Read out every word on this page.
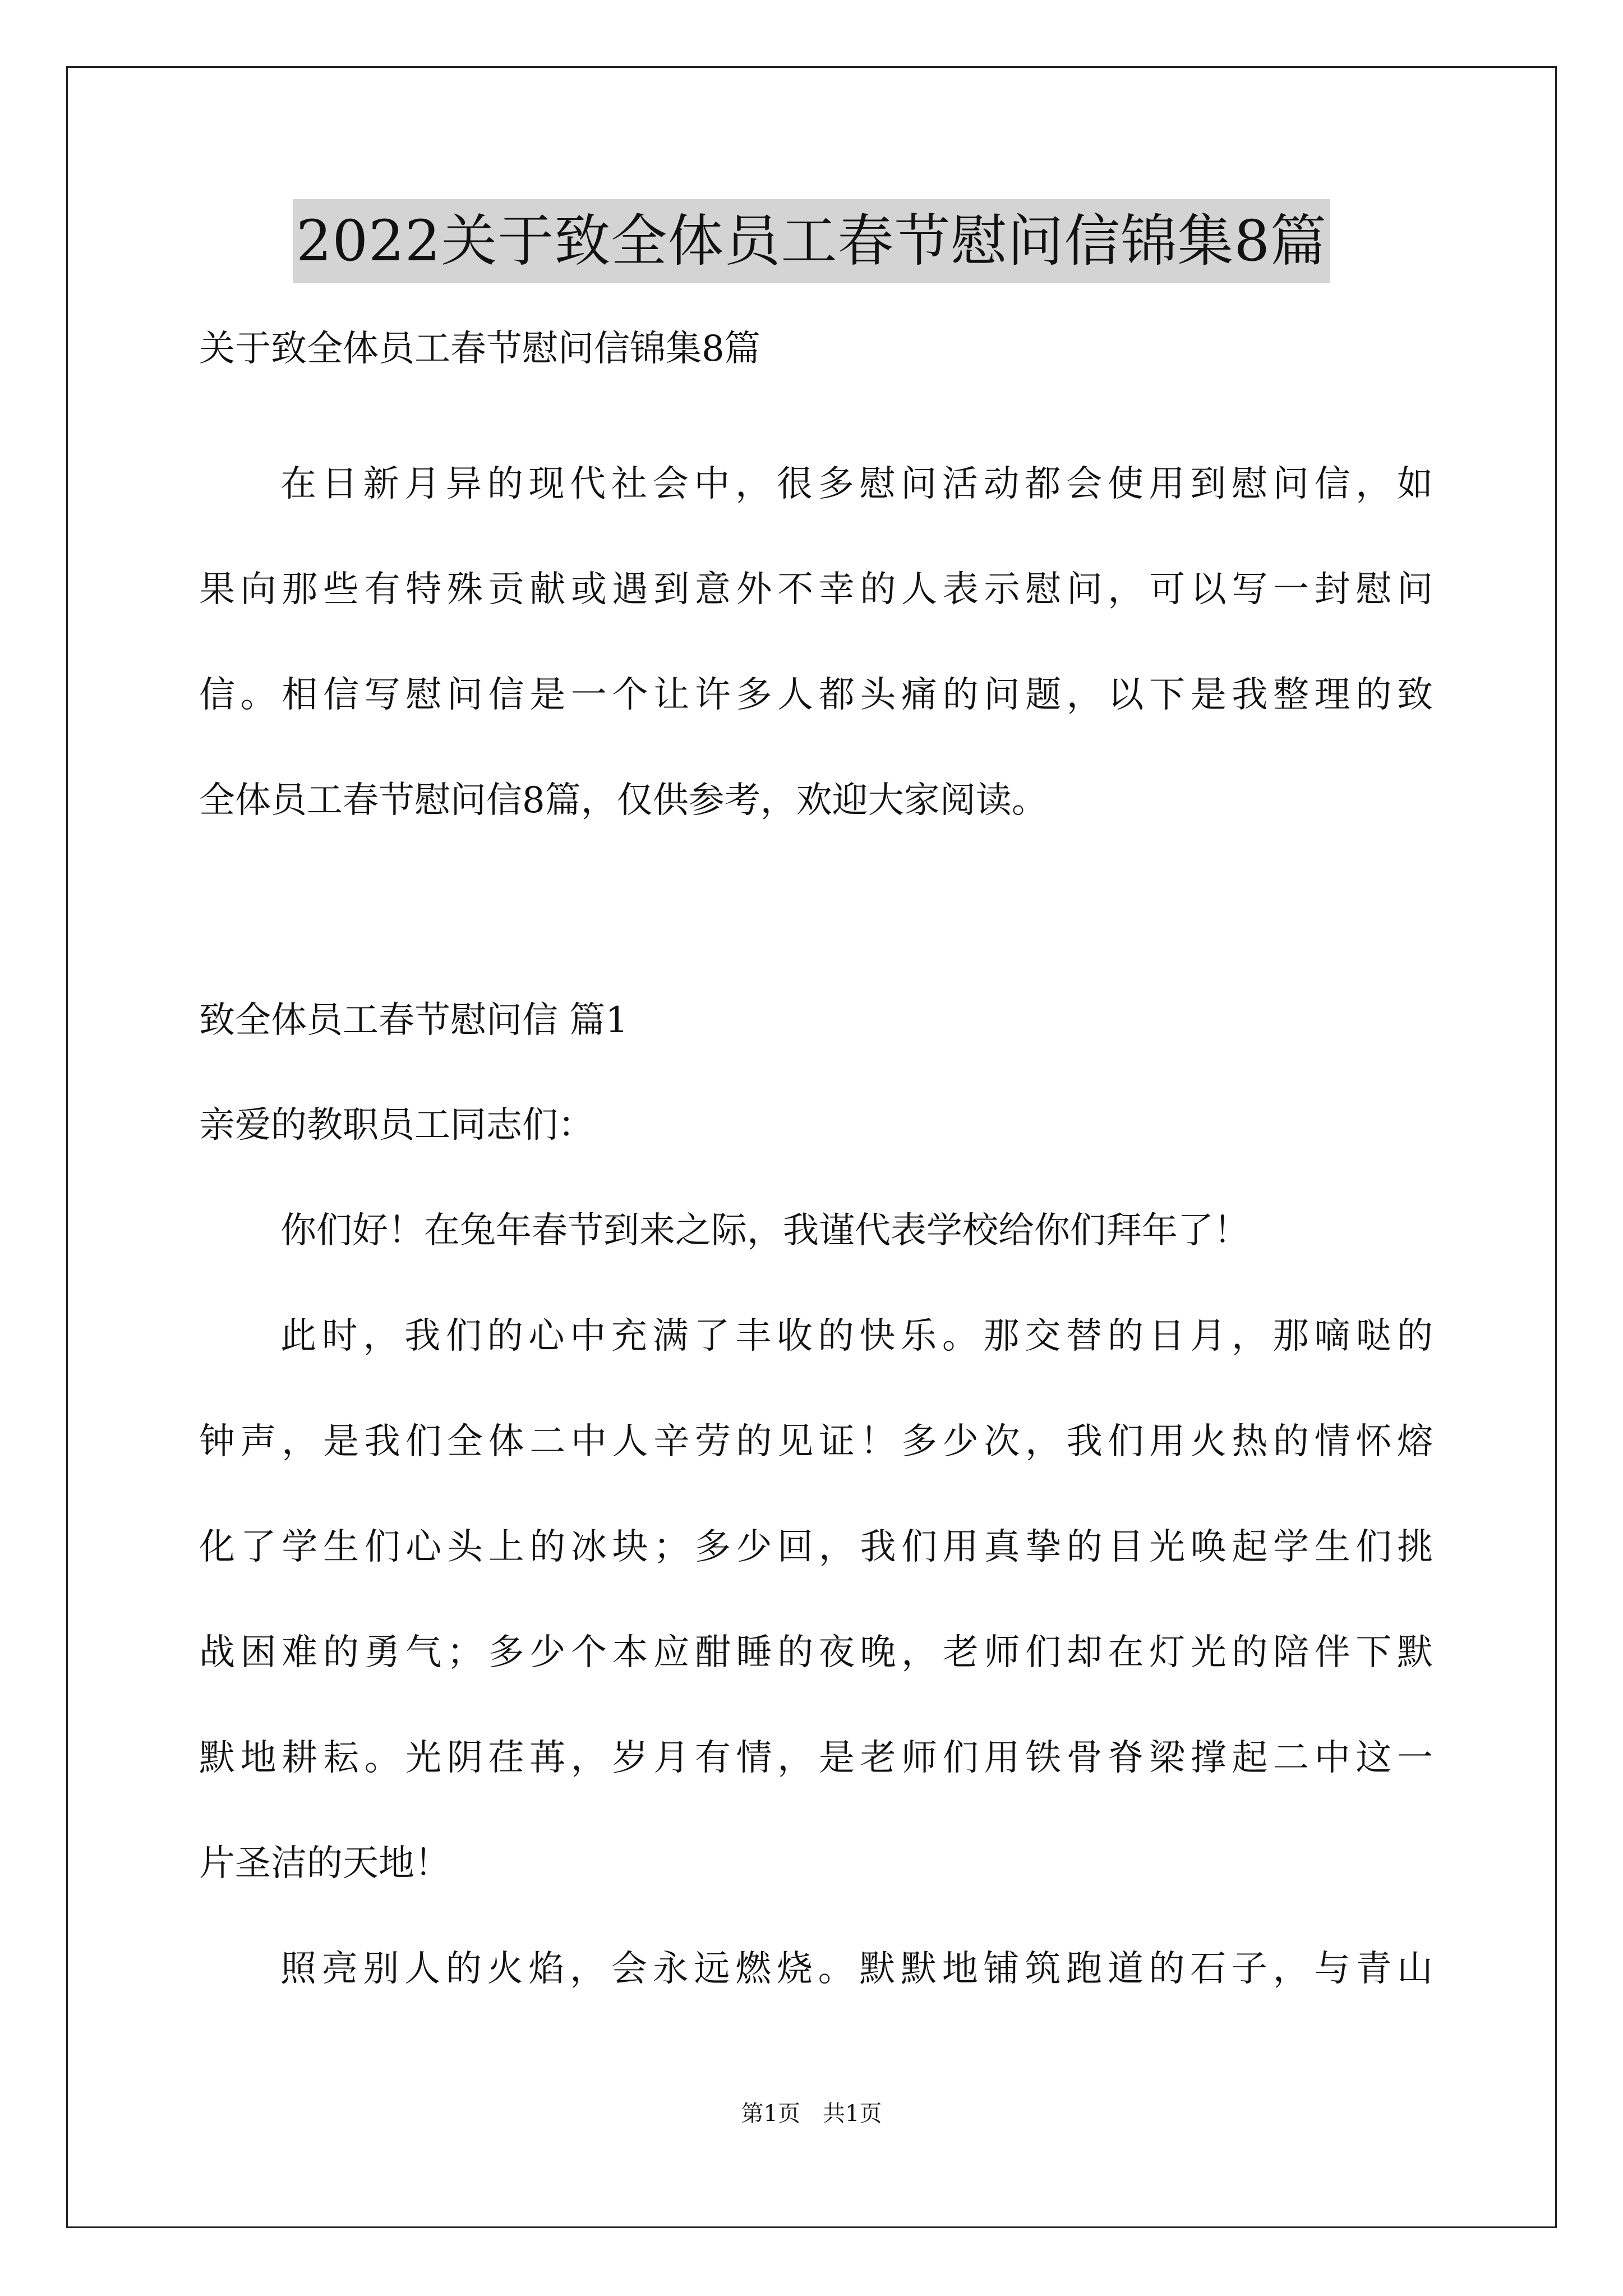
2022关于致全体员工春节慰问信锦集8篇

关于致全体员工春节慰问信锦集8篇

在日新月异的现代社会中，很多慰问活动都会使用到慰问信，如

果向那些有特殊贡献或遇到意外不幸的人表示慰问，可以写一封慰问

信。相信写慰问信是一个让许多人都头痛的问题，以下是我整理的致

全体员工春节慰问信8篇，仅供参考，欢迎大家阅读。

致全体员工春节慰问信 篇1

亲爱的教职员工同志们：

你们好！在兔年春节到来之际，我谨代表学校给你们拜年了！

此时，我们的心中充满了丰收的快乐。那交替的日月，那嘀哒的

钟声，是我们全体二中人辛劳的见证！多少次，我们用火热的情怀熔

化了学生们心头上的冰块；多少回，我们用真挚的目光唤起学生们挑

战困难的勇气；多少个本应酣睡的夜晚，老师们却在灯光的陪伴下默

默地耕耘。光阴荏苒，岁月有情，是老师们用铁骨脊梁撑起二中这一

片圣洁的天地！

照亮别人的火焰，会永远燃烧。默默地铺筑跑道的石子，与青山

第1页　共1页
